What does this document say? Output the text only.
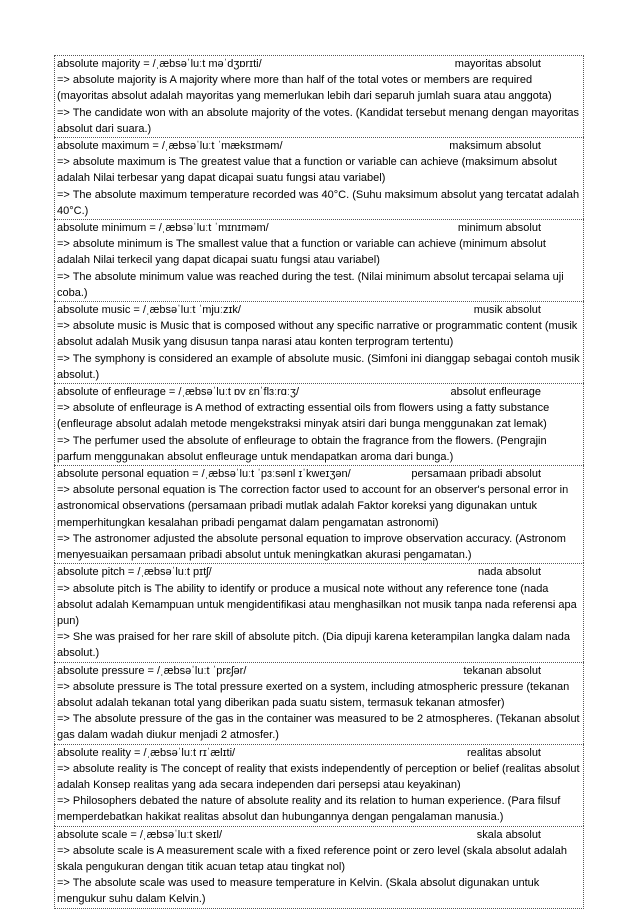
absolute majority = /ˌæbsəˈluːt məˈdʒɒrɪti/	mayoritas absolut

=> absolute majority is A majority where more than half of the total votes or members are required (mayoritas absolut adalah mayoritas yang memerlukan lebih dari separuh jumlah suara atau anggota)

=> The candidate won with an absolute majority of the votes. (Kandidat tersebut menang dengan mayoritas absolut dari suara.)

absolute maximum = /ˌæbsəˈluːt ˈmæksɪməm/	maksimum absolut

=> absolute maximum is The greatest value that a function or variable can achieve (maksimum absolut adalah Nilai terbesar yang dapat dicapai suatu fungsi atau variabel)

=> The absolute maximum temperature recorded was 40°C. (Suhu maksimum absolut yang tercatat adalah 40°C.)

absolute minimum = /ˌæbsəˈluːt ˈmɪnɪməm/	minimum absolut

=> absolute minimum is The smallest value that a function or variable can achieve (minimum absolut adalah Nilai terkecil yang dapat dicapai suatu fungsi atau variabel)

=> The absolute minimum value was reached during the test. (Nilai minimum absolut tercapai selama uji coba.)

absolute music = /ˌæbsəˈluːt ˈmjuːzɪk/	musik absolut

=> absolute music is Music that is composed without any specific narrative or programmatic content (musik absolut adalah Musik yang disusun tanpa narasi atau konten terprogram tertentu)

=> The symphony is considered an example of absolute music. (Simfoni ini dianggap sebagai contoh musik absolut.)

absolute of enfleurage = /ˌæbsəˈluːt ɒv ɛnˈflɜːrɑːʒ/	absolut enfleurage

=> absolute of enfleurage is A method of extracting essential oils from flowers using a fatty substance (enfleurage absolut adalah metode mengekstraksi minyak atsiri dari bunga menggunakan zat lemak)

=> The perfumer used the absolute of enfleurage to obtain the fragrance from the flowers. (Pengrajin parfum menggunakan absolut enfleurage untuk mendapatkan aroma dari bunga.)

absolute personal equation = /ˌæbsəˈluːt ˈpɜːsənl ɪˈkweɪʒən/	persamaan pribadi absolut

=> absolute personal equation is The correction factor used to account for an observer's personal error in astronomical observations (persamaan pribadi mutlak adalah Faktor koreksi yang digunakan untuk memperhitungkan kesalahan pribadi pengamat dalam pengamatan astronomi)

=> The astronomer adjusted the absolute personal equation to improve observation accuracy. (Astronom menyesuaikan persamaan pribadi absolut untuk meningkatkan akurasi pengamatan.)

absolute pitch = /ˌæbsəˈluːt pɪtʃ/	nada absolut

=> absolute pitch is The ability to identify or produce a musical note without any reference tone (nada absolut adalah Kemampuan untuk mengidentifikasi atau menghasilkan not musik tanpa nada referensi apa pun)

=> She was praised for her rare skill of absolute pitch. (Dia dipuji karena keterampilan langka dalam nada absolut.)

absolute pressure = /ˌæbsəˈluːt ˈprɛʃər/	tekanan absolut

=> absolute pressure is The total pressure exerted on a system, including atmospheric pressure (tekanan absolut adalah tekanan total yang diberikan pada suatu sistem, termasuk tekanan atmosfer)

=> The absolute pressure of the gas in the container was measured to be 2 atmospheres. (Tekanan absolut gas dalam wadah diukur menjadi 2 atmosfer.)

absolute reality = /ˌæbsəˈluːt rɪˈælɪti/	realitas absolut

=> absolute reality is The concept of reality that exists independently of perception or belief (realitas absolut adalah Konsep realitas yang ada secara independen dari persepsi atau keyakinan)

=> Philosophers debated the nature of absolute reality and its relation to human experience. (Para filsuf memperdebatkan hakikat realitas absolut dan hubungannya dengan pengalaman manusia.)

absolute scale = /ˌæbsəˈluːt skeɪl/	skala absolut

=> absolute scale is A measurement scale with a fixed reference point or zero level (skala absolut adalah skala pengukuran dengan titik acuan tetap atau tingkat nol)

=> The absolute scale was used to measure temperature in Kelvin. (Skala absolut digunakan untuk mengukur suhu dalam Kelvin.)
